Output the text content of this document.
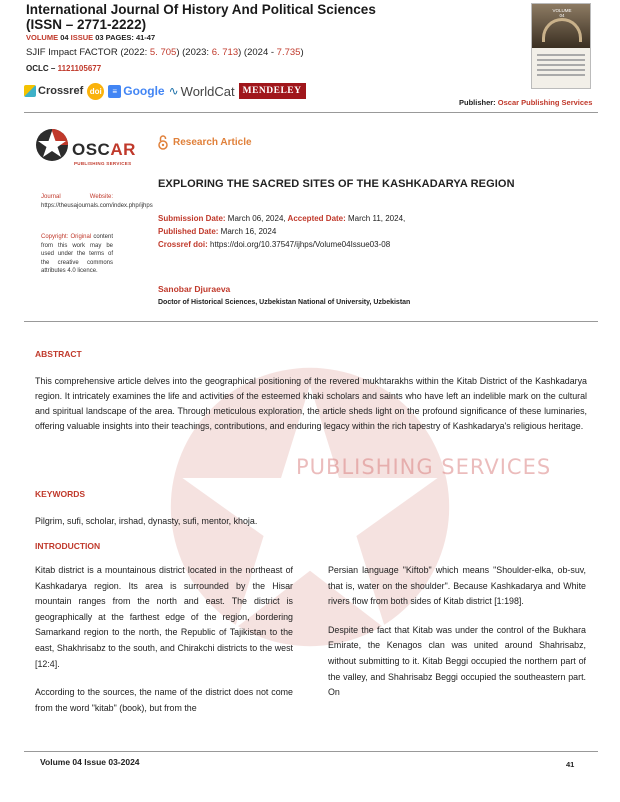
PUBLISHING SERVICES
International Journal Of History And Political Sciences
(ISSN – 2771-2222)
VOLUME 04 ISSUE 03 PAGES: 41-47
SJIF Impact FACTOR (2022: 5. 705) (2023: 6. 713) (2024 - 7.735)
OCLC – 1121105677
Crossref doi	≡ Google ∿ WorldCat MENDELEY
VOLUME 04
Publisher: Oscar Publishing Services
OSCAR
PUBLISHING SERVICES
Journal Website:
https://theusajournals.com/index.php/ijhps
Copyright: Original content from this work may be used under the terms of the creative commons attributes 4.0 licence.
Research Article
EXPLORING THE SACRED SITES OF THE KASHKADARYA REGION
Submission Date: March 06, 2024, Accepted Date: March 11, 2024,
Published Date: March 16, 2024
Crossref doi: https://doi.org/10.37547/ijhps/Volume04Issue03-08
Sanobar Djuraeva
Doctor of Historical Sciences, Uzbekistan National of University, Uzbekistan
ABSTRACT
This comprehensive article delves into the geographical positioning of the revered mukhtarakhs within the Kitab District of the Kashkadarya region. It intricately examines the life and activities of the esteemed khaki scholars and saints who have left an indelible mark on the cultural and spiritual landscape of the area. Through meticulous exploration, the article sheds light on the profound significance of these luminaries, offering valuable insights into their teachings, contributions, and enduring legacy within the rich tapestry of Kashkadarya's religious heritage.
KEYWORDS
Pilgrim, sufi, scholar, irshad, dynasty, sufi, mentor, khoja.
INTRODUCTION

Kitab district is a mountainous district located in the northeast of Kashkadarya region. Its area is surrounded by the Hisar mountain ranges from the north and east. The district is geographically at the farthest edge of the region, bordering Samarkand region to the north, the Republic of Tajikistan to the east, Shakhrisabz to the south, and Chirakchi districts to the west [12:4].

According to the sources, the name of the district does not come from the word "kitab" (book), but from the

Persian language "Kiftob" which means "Shoulder-elka, ob-suv, that is, water on the shoulder". Because Kashkadarya and White rivers flow from both sides of Kitab district [1:198].

Despite the fact that Kitab was under the control of the Bukhara Emirate, the Kenagos clan was united around Shahrisabz, without submitting to it. Kitab Beggi occupied the northern part of the valley, and Shahrisabz Beggi occupied the southeastern part. On

Volume 04 Issue 03-2024	41
